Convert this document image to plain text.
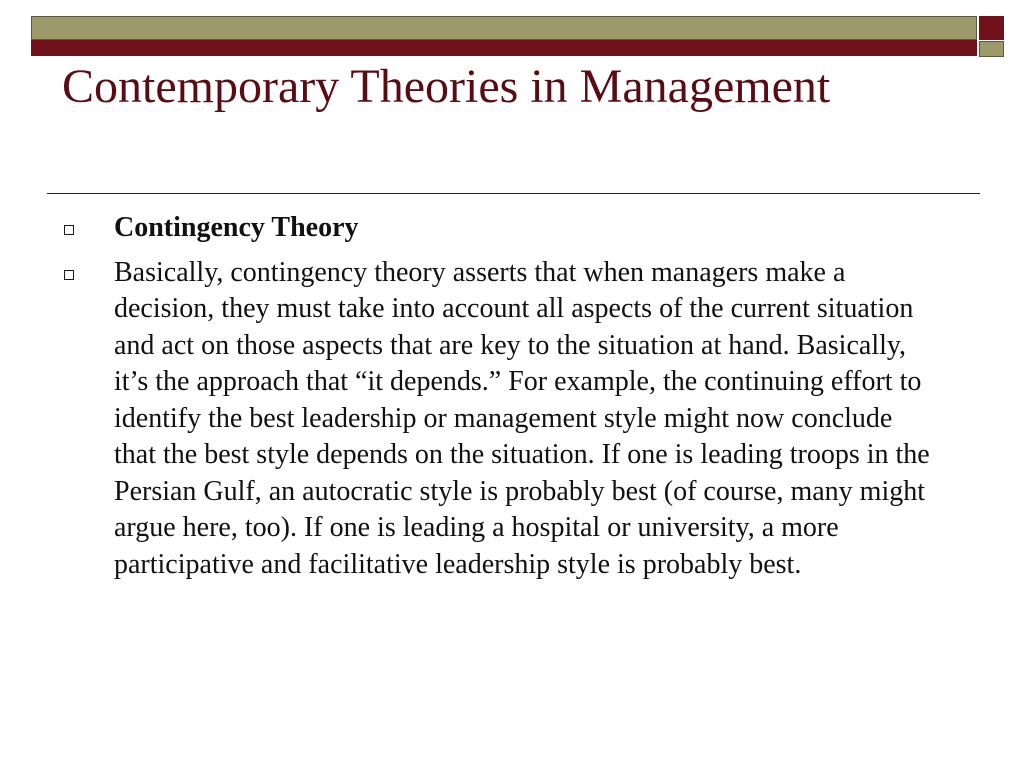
Contemporary Theories in Management
Contingency Theory
Basically, contingency theory asserts that when managers make a decision, they must take into account all aspects of the current situation and act on those aspects that are key to the situation at hand. Basically, it’s the approach that “it depends.” For example, the continuing effort to identify the best leadership or management style might now conclude that the best style depends on the situation. If one is leading troops in the Persian Gulf, an autocratic style is probably best (of course, many might argue here, too). If one is leading a hospital or university, a more participative and facilitative leadership style is probably best.
